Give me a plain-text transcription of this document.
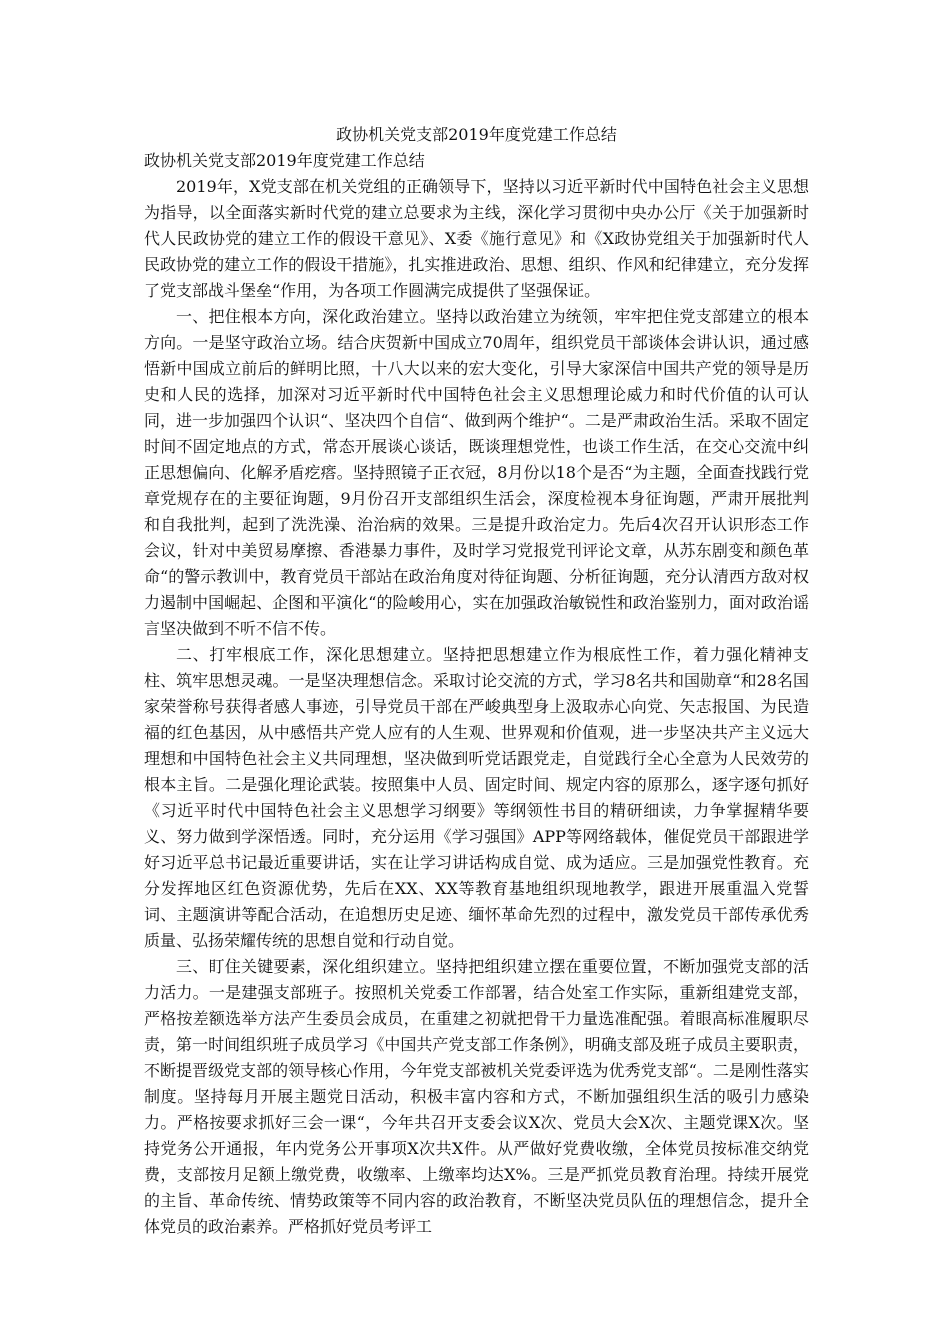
政协机关党支部2019年度党建工作总结
政协机关党支部2019年度党建工作总结

2019年，X党支部在机关党组的正确领导下，坚持以习近平新时代中国特色社会主义思想为指导，以全面落实新时代党的建立总要求为主线，深化学习贯彻中央办公厅《关于加强新时代人民政协党的建立工作的假设干意见》、X委《施行意见》和《X政协党组关于加强新时代人民政协党的建立工作的假设干措施》，扎实推进政治、思想、组织、作风和纪律建立，充分发挥了党支部战斗堡垒“作用，为各项工作圆满完成提供了坚强保证。

一、把住根本方向，深化政治建立。坚持以政治建立为统领，牢牢把住党支部建立的根本方向。一是坚守政治立场。结合庆贺新中国成立70周年，组织党员干部谈体会讲认识，通过感悟新中国成立前后的鲜明比照，十八大以来的宏大变化，引导大家深信中国共产党的领导是历史和人民的选择，加深对习近平新时代中国特色社会主义思想理论威力和时代价值的认可认同，进一步加强四个认识“、坚决四个自信“、做到两个维护“。二是严肃政治生活。采取不固定时间不固定地点的方式，常态开展谈心谈话，既谈理想党性，也谈工作生活，在交心交流中纠正思想偏向、化解矛盾疙瘩。坚持照镜子正衣冠，8月份以18个是否“为主题，全面查找践行党章党规存在的主要征询题，9月份召开支部组织生活会，深度检视本身征询题，严肃开展批判和自我批判，起到了洗洗澡、治治病的效果。三是提升政治定力。先后4次召开认识形态工作会议，针对中美贸易摩擦、香港暴力事件，及时学习党报党刊评论文章，从苏东剧变和颜色革命“的警示教训中，教育党员干部站在政治角度对待征询题、分析征询题，充分认清西方敌对权力遏制中国崛起、企图和平演化“的险峻用心，实在加强政治敏锐性和政治鉴别力，面对政治谣言坚决做到不听不信不传。

二、打牢根底工作，深化思想建立。坚持把思想建立作为根底性工作，着力强化精神支柱、筑牢思想灵魂。一是坚决理想信念。采取讨论交流的方式，学习8名共和国勋章“和28名国家荣誉称号获得者感人事迹，引导党员干部在严峻典型身上汲取赤心向党、矢志报国、为民造福的红色基因，从中感悟共产党人应有的人生观、世界观和价值观，进一步坚决共产主义远大理想和中国特色社会主义共同理想，坚决做到听党话跟党走，自觉践行全心全意为人民效劳的根本主旨。二是强化理论武装。按照集中人员、固定时间、规定内容的原那么，逐字逐句抓好《习近平时代中国特色社会主义思想学习纲要》等纲领性书目的精研细读，力争掌握精华要义、努力做到学深悟透。同时，充分运用《学习强国》APP等网络载体，催促党员干部跟进学好习近平总书记最近重要讲话，实在让学习讲话构成自觉、成为适应。三是加强党性教育。充分发挥地区红色资源优势，先后在XX、XX等教育基地组织现地教学，跟进开展重温入党誓词、主题演讲等配合活动，在追想历史足迹、缅怀革命先烈的过程中，激发党员干部传承优秀质量、弘扬荣耀传统的思想自觉和行动自觉。

三、盯住关键要素，深化组织建立。坚持把组织建立摆在重要位置，不断加强党支部的活力活力。一是建强支部班子。按照机关党委工作部署，结合处室工作实际，重新组建党支部，严格按差额选举方法产生委员会成员，在重建之初就把骨干力量选准配强。着眼高标准履职尽责，第一时间组织班子成员学习《中国共产党支部工作条例》，明确支部及班子成员主要职责，不断提晋级党支部的领导核心作用，今年党支部被机关党委评选为优秀党支部“。二是刚性落实制度。坚持每月开展主题党日活动，积极丰富内容和方式，不断加强组织生活的吸引力感染力。严格按要求抓好三会一课“，今年共召开支委会议X次、党员大会X次、主题党课X次。坚持党务公开通报，年内党务公开事项X次共X件。从严做好党费收缴，全体党员按标准交纳党费，支部按月足额上缴党费，收缴率、上缴率均达X%。三是严抓党员教育治理。持续开展党的主旨、革命传统、情势政策等不同内容的政治教育，不断坚决党员队伍的理想信念，提升全体党员的政治素养。严格抓好党员考评工
